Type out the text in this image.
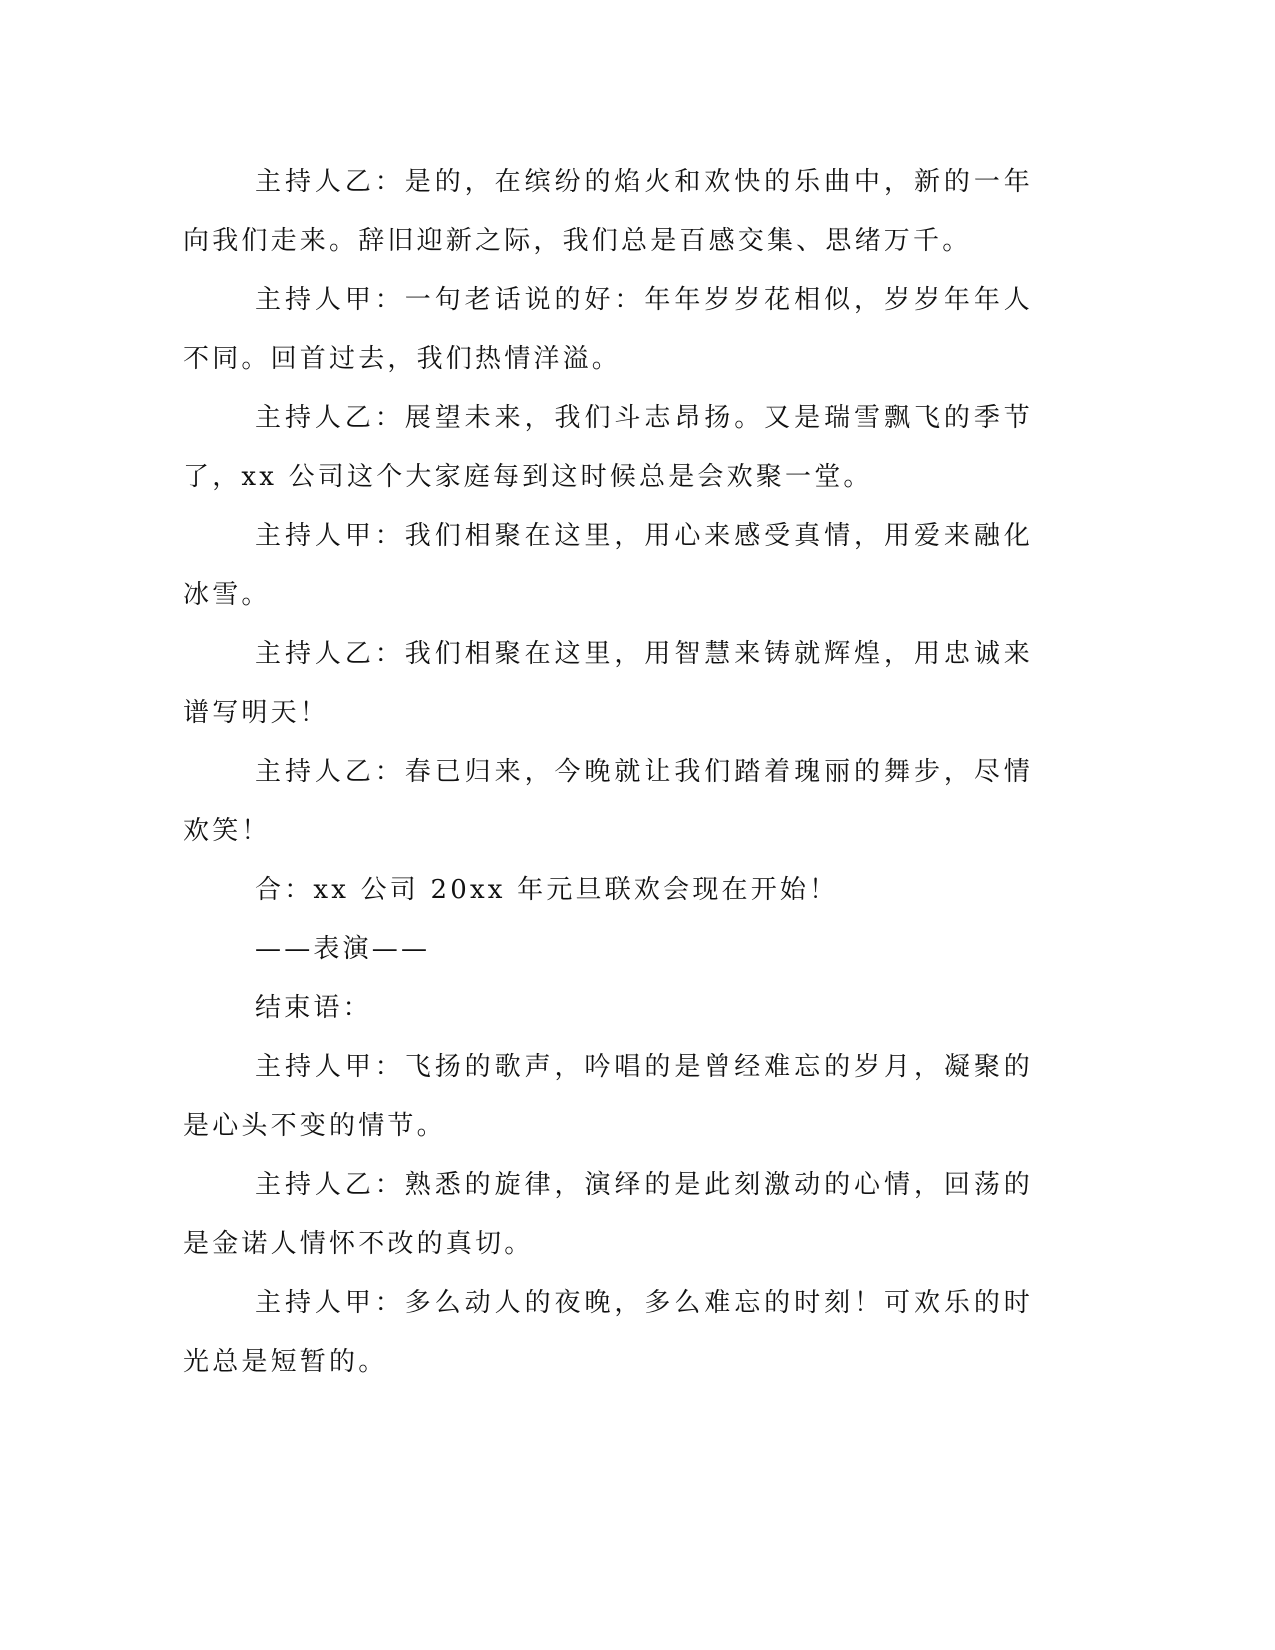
主持人乙：是的，在缤纷的焰火和欢快的乐曲中，新的一年向我们走来。辞旧迎新之际，我们总是百感交集、思绪万千。

主持人甲：一句老话说的好：年年岁岁花相似，岁岁年年人不同。回首过去，我们热情洋溢。

主持人乙：展望未来，我们斗志昂扬。又是瑞雪飘飞的季节了，xx 公司这个大家庭每到这时候总是会欢聚一堂。

主持人甲：我们相聚在这里，用心来感受真情，用爱来融化冰雪。

主持人乙：我们相聚在这里，用智慧来铸就辉煌，用忠诚来谱写明天！

主持人乙：春已归来，今晚就让我们踏着瑰丽的舞步，尽情欢笑！

合：xx 公司 20xx 年元旦联欢会现在开始！

——表演——

结束语：

主持人甲：飞扬的歌声，吟唱的是曾经难忘的岁月，凝聚的是心头不变的情节。

主持人乙：熟悉的旋律，演绎的是此刻激动的心情，回荡的是金诺人情怀不改的真切。

主持人甲：多么动人的夜晚，多么难忘的时刻！可欢乐的时光总是短暂的。
